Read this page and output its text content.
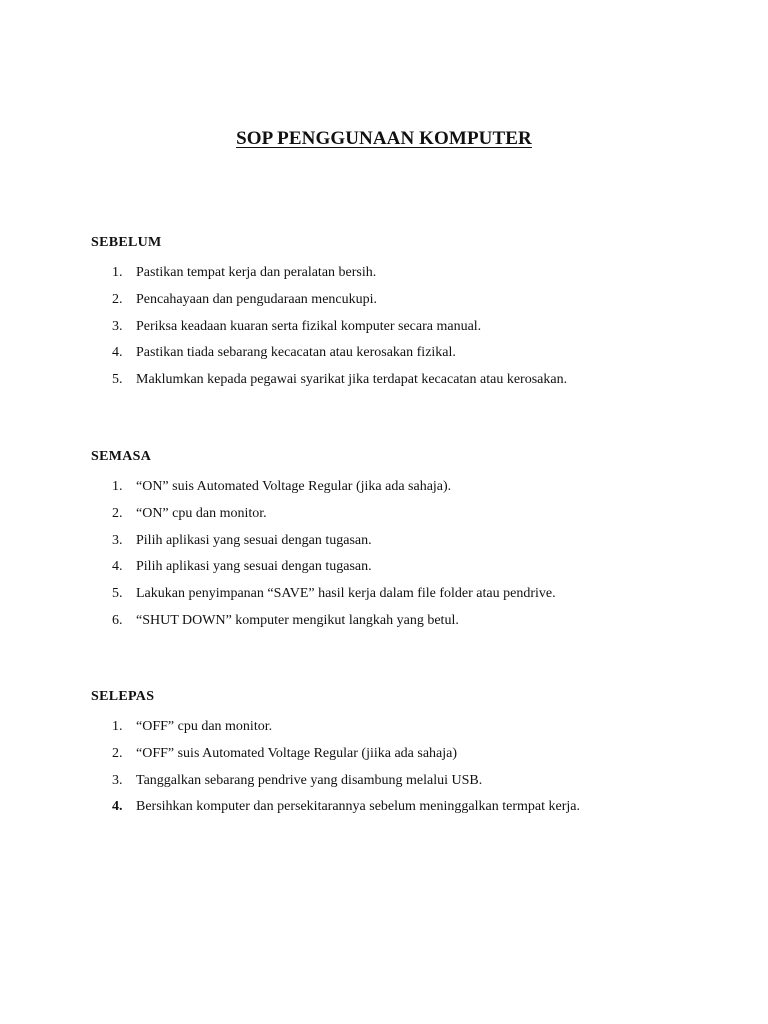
SOP PENGGUNAAN KOMPUTER
SEBELUM
1. Pastikan tempat kerja dan peralatan bersih.
2. Pencahayaan dan pengudaraan mencukupi.
3. Periksa keadaan kuaran serta fizikal komputer secara manual.
4. Pastikan tiada sebarang kecacatan atau kerosakan fizikal.
5. Maklumkan kepada pegawai syarikat jika terdapat kecacatan atau kerosakan.
SEMASA
1. “ON” suis Automated Voltage Regular (jika ada sahaja).
2. “ON” cpu dan monitor.
3. Pilih aplikasi yang sesuai dengan tugasan.
4. Pilih aplikasi yang sesuai dengan tugasan.
5. Lakukan penyimpanan “SAVE” hasil kerja dalam file folder atau pendrive.
6. “SHUT DOWN” komputer mengikut langkah yang betul.
SELEPAS
1. “OFF” cpu dan monitor.
2. “OFF” suis Automated Voltage Regular (jiika ada sahaja)
3. Tanggalkan sebarang pendrive yang disambung melalui USB.
4. Bersihkan komputer dan persekitarannya sebelum meninggalkan termpat kerja.
